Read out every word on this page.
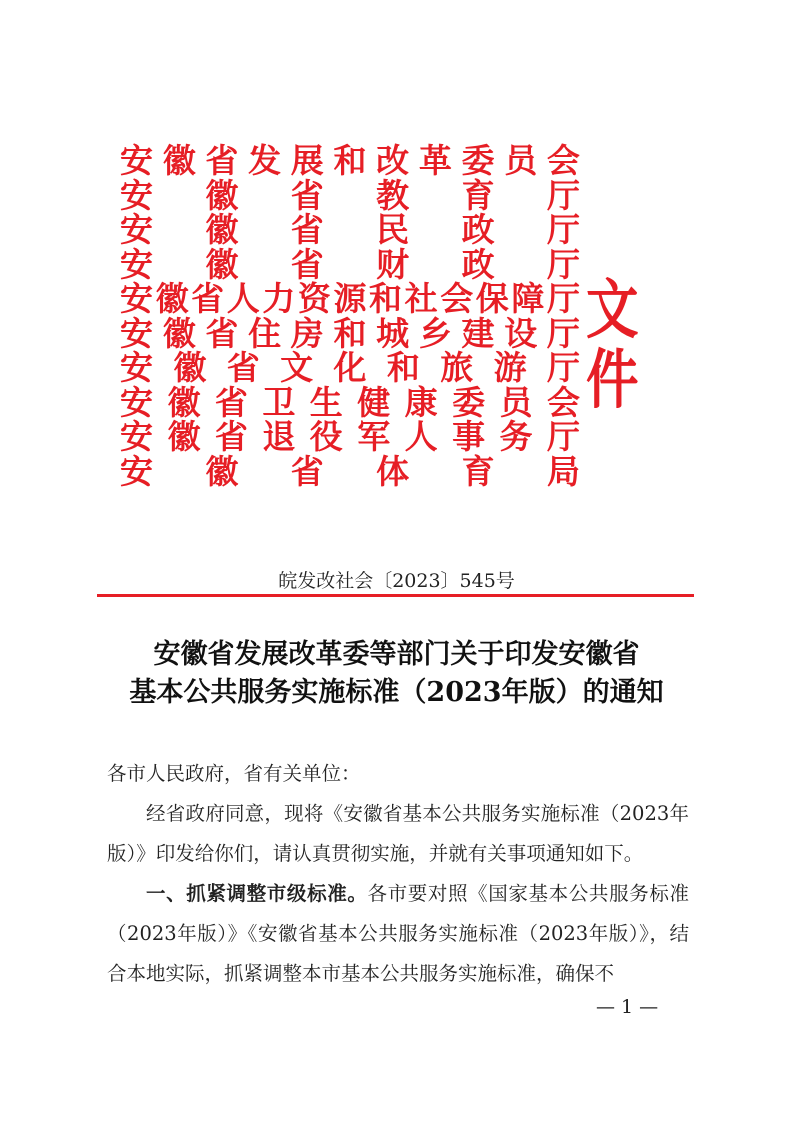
安 徽 省 发 展 和 改 革 委 员 会
安 徽 省 教 育 厅
安 徽 省 民 政 厅
安 徽 省 财 政 厅
安 徽 省 人 力 资 源 和 社 会 保 障 厅
安 徽 省 住 房 和 城 乡 建 设 厅
安 徽 省 文 化 和 旅 游 厅
安 徽 省 卫 生 健 康 委 员 会
安 徽 省 退 役 军 人 事 务 厅
安 徽 省 体 育 局
文件
皖发改社会〔2023〕545号
安徽省发展改革委等部门关于印发安徽省
基本公共服务实施标准（2023年版）的通知

各市人民政府，省有关单位：

经省政府同意，现将《安徽省基本公共服务实施标准（2023年版）》印发给你们，请认真贯彻实施，并就有关事项通知如下。

一、抓紧调整市级标准。各市要对照《国家基本公共服务标准（2023年版）》《安徽省基本公共服务实施标准（2023年版）》，结合本地实际，抓紧调整本市基本公共服务实施标准，确保不

— 1 —
